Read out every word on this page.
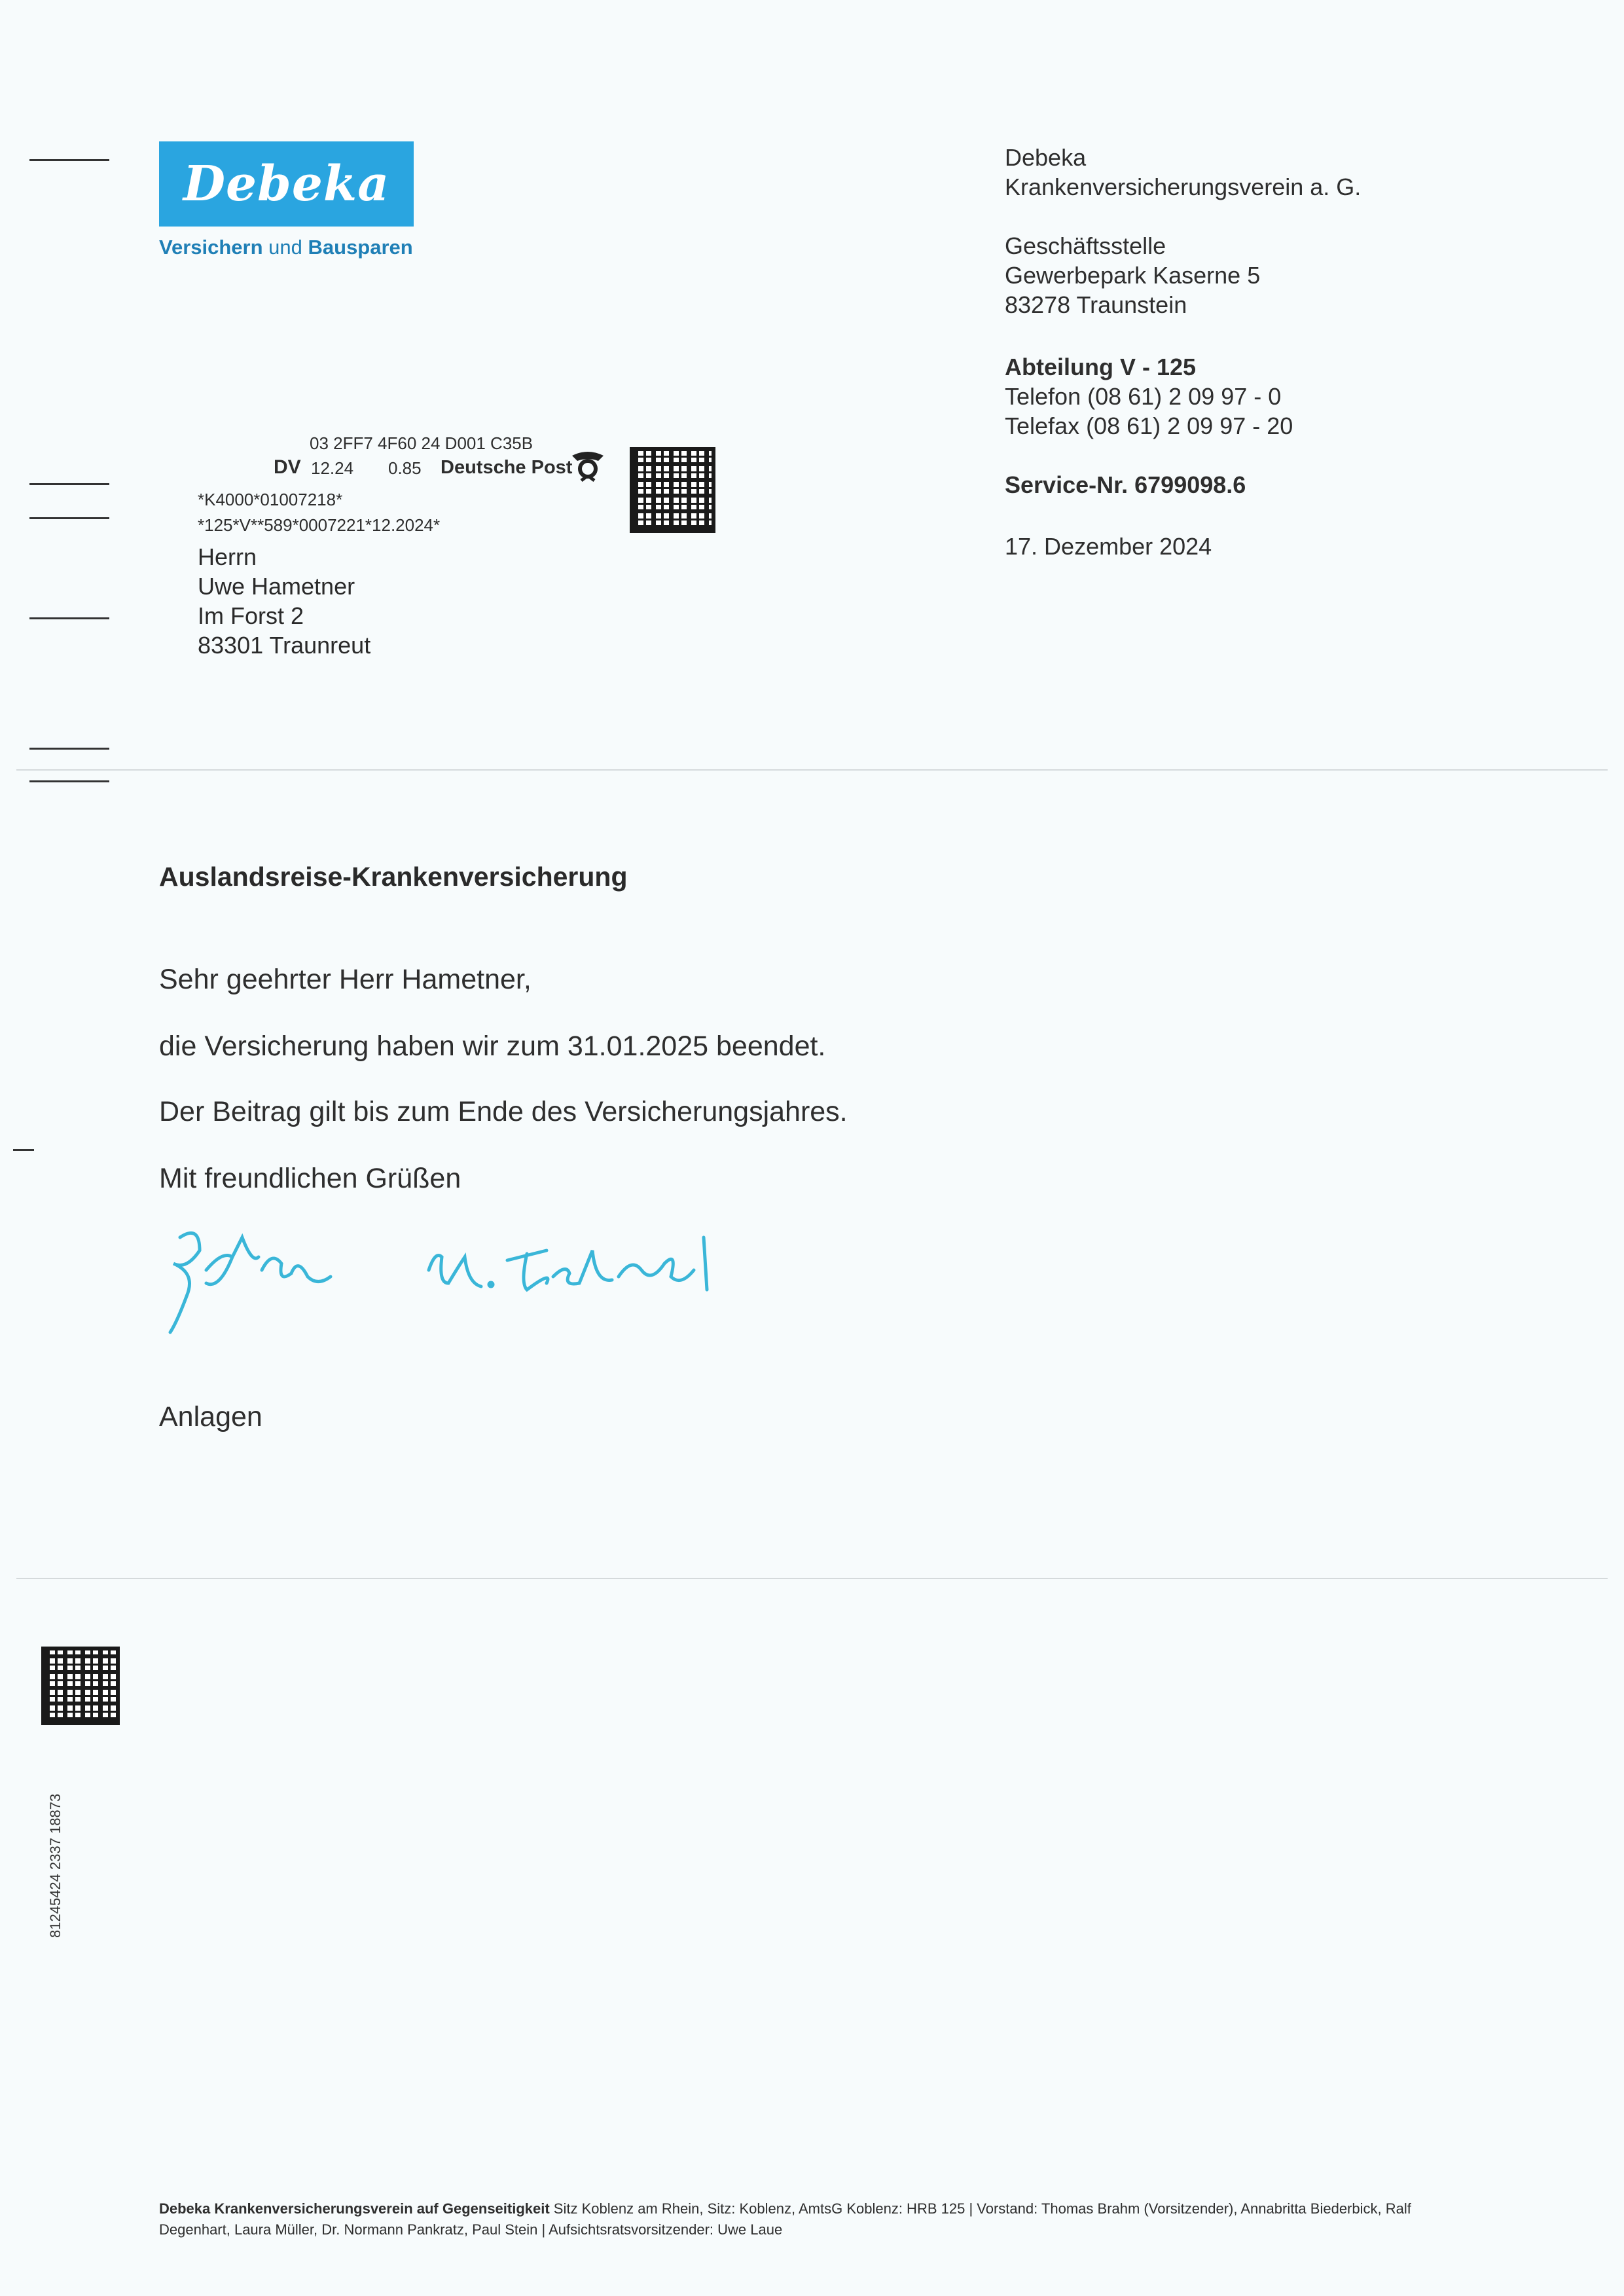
Debeka
Versichern und Bausparen
Debeka
Krankenversicherungsverein a. G.
Geschäftsstelle
Gewerbepark Kaserne 5
83278 Traunstein
Abteilung V - 125
Telefon (08 61) 2 09 97 - 0
Telefax (08 61) 2 09 97 - 20
Service-Nr. 6799098.6
17. Dezember 2024
03 2FF7 4F60 24 D001 C35B
DV 12.24 0.85 Deutsche Post
*K4000*01007218*
*125*V**589*0007221*12.2024*
Herrn
Uwe Hametner
Im Forst 2
83301 Traunreut
Auslandsreise-Krankenversicherung
Sehr geehrter Herr Hametner,
die Versicherung haben wir zum 31.01.2025 beendet.
Der Beitrag gilt bis zum Ende des Versicherungsjahres.
Mit freundlichen Grüßen
Anlagen
81245424 2337 18873
Debeka Krankenversicherungsverein auf Gegenseitigkeit Sitz Koblenz am Rhein, Sitz: Koblenz, AmtsG Koblenz: HRB 125 | Vorstand: Thomas Brahm (Vorsitzender), Annabritta Biederbick, Ralf Degenhart, Laura Müller, Dr. Normann Pankratz, Paul Stein | Aufsichtsratsvorsitzender: Uwe Laue
